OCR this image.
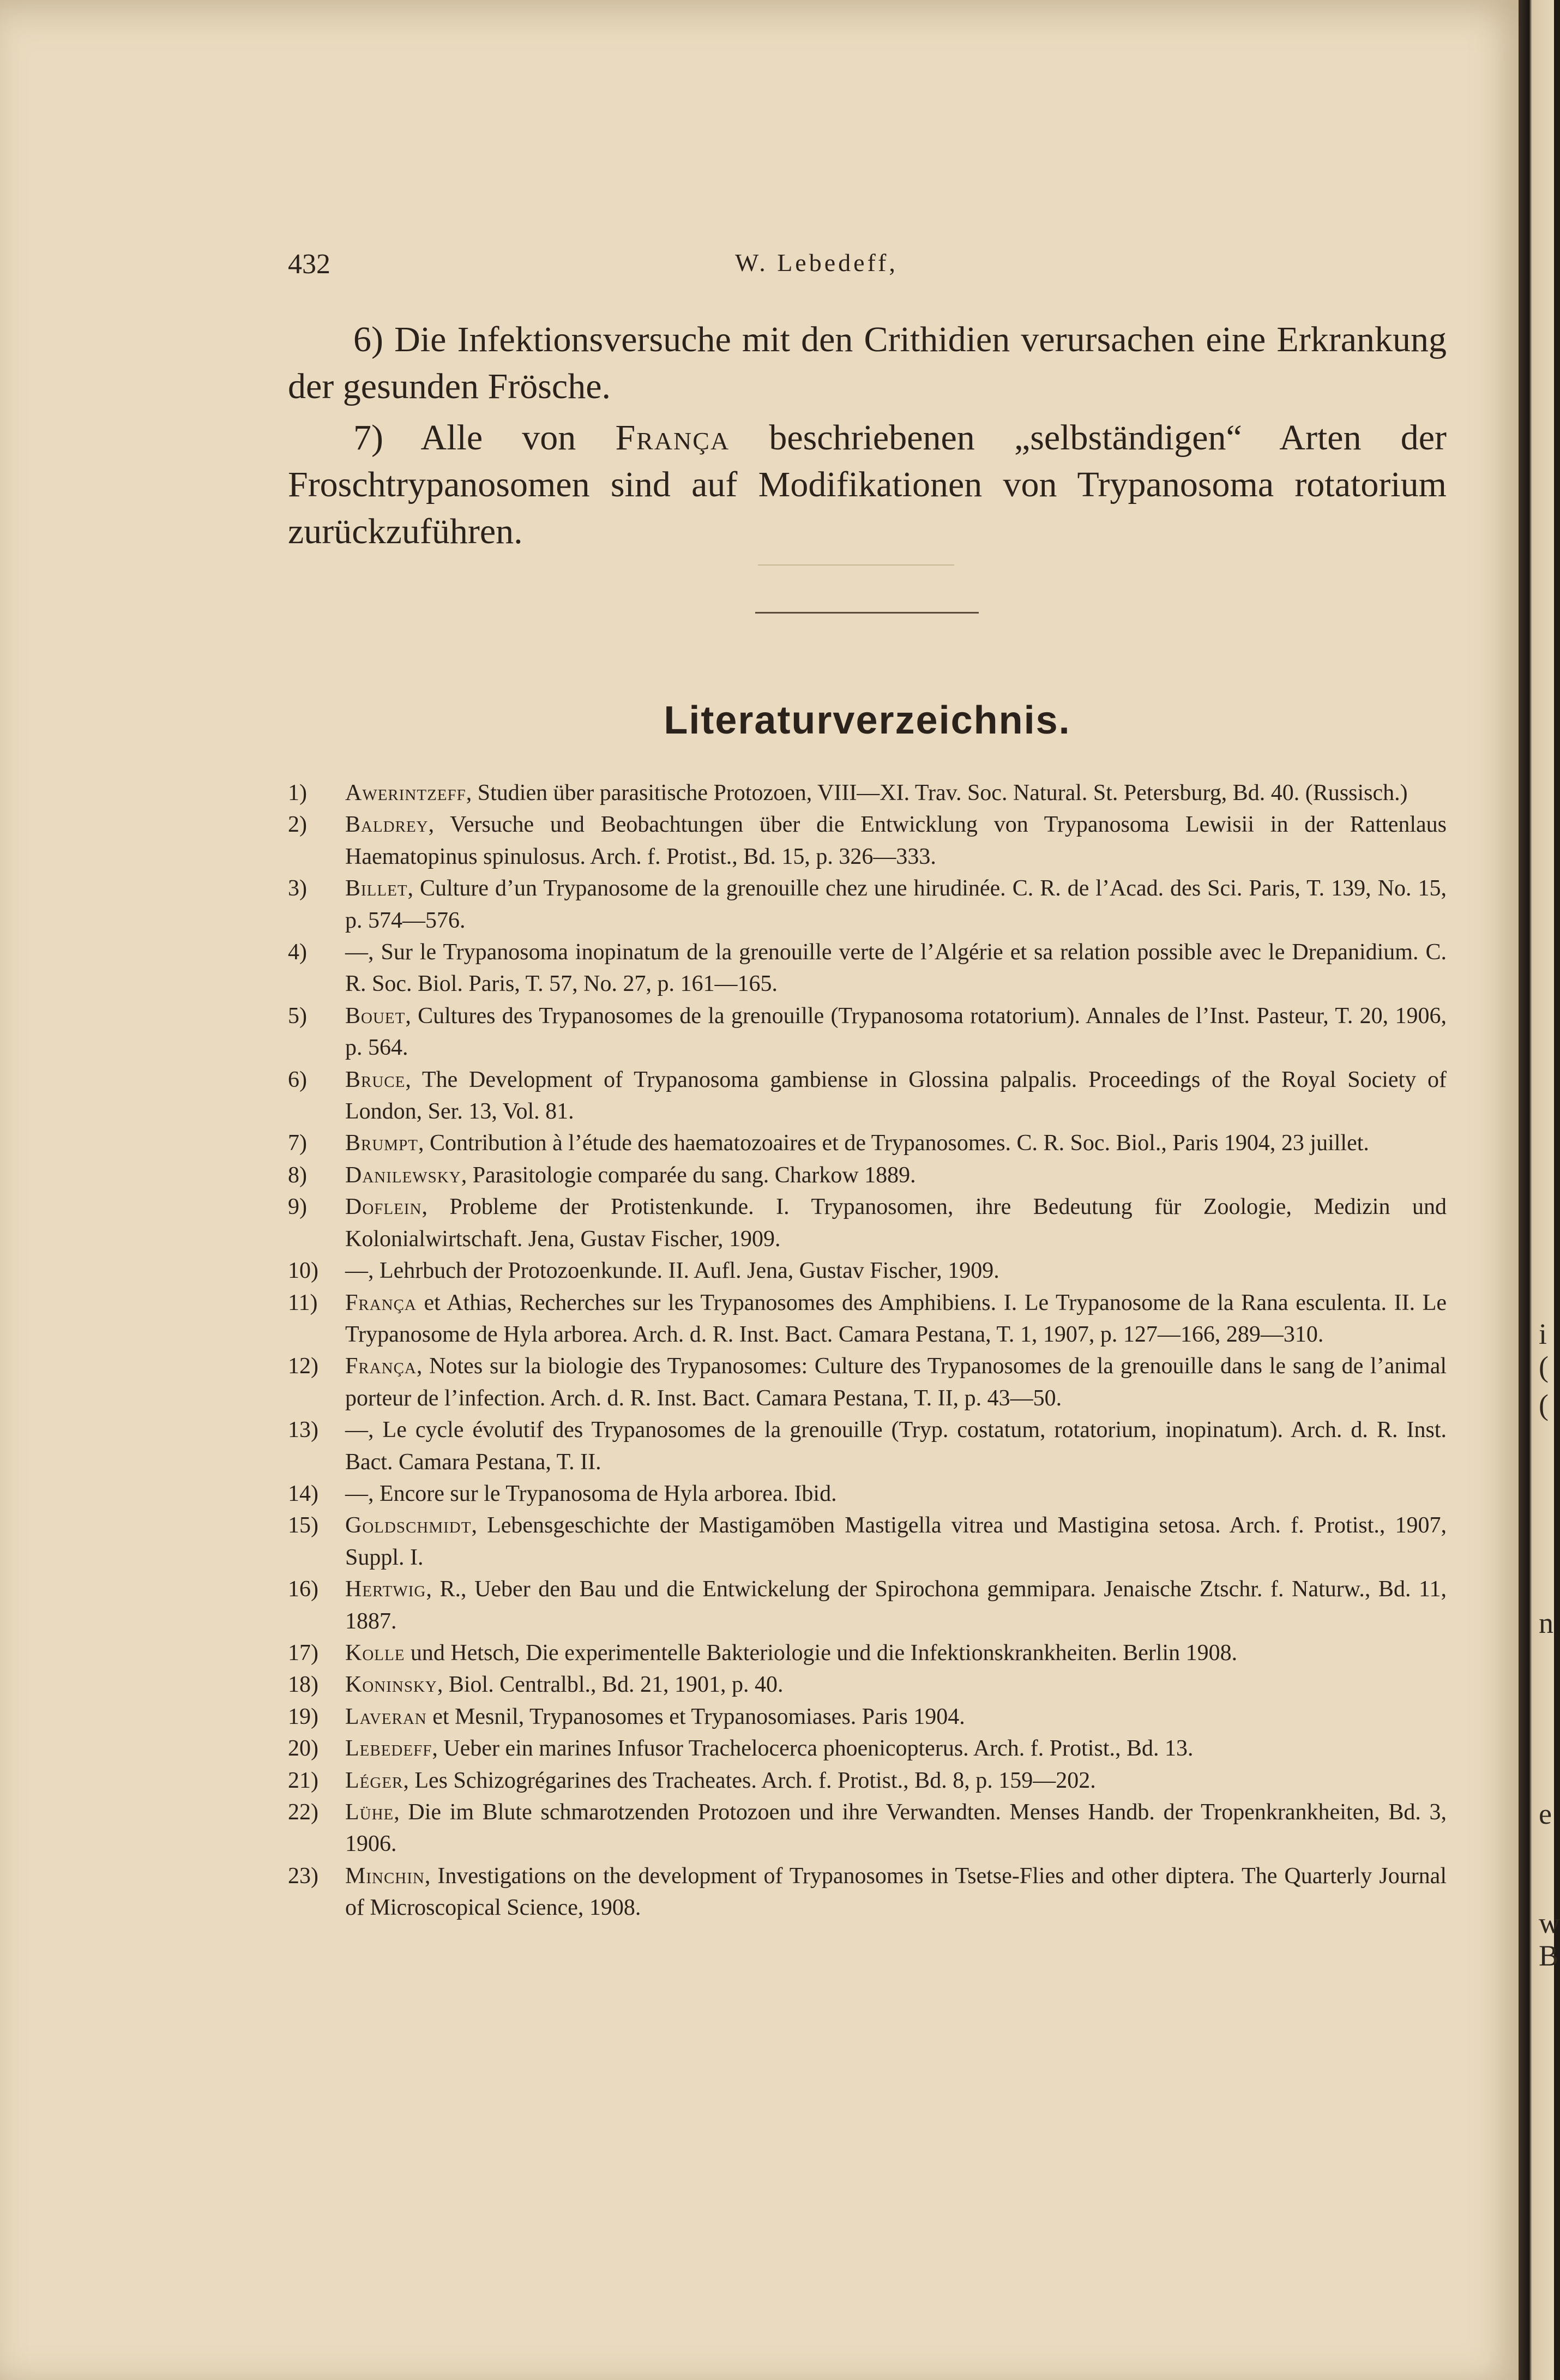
432	W. Lebedeff,
6) Die Infektionsversuche mit den Crithidien verursachen eine Erkrankung der gesunden Frösche.
7) Alle von França beschriebenen „selbständigen“ Arten der Froschtrypanosomen sind auf Modifikationen von Trypanosoma rotatorium zurückzuführen.
Literaturverzeichnis.
1)	Awerintzeff, Studien über parasitische Protozoen, VIII—XI. Trav. Soc. Natural. St. Petersburg, Bd. 40. (Russisch.)
2)	Baldrey, Versuche und Beobachtungen über die Entwicklung von Trypanosoma Lewisii in der Rattenlaus Haematopinus spinulosus. Arch. f. Protist., Bd. 15, p. 326—333.
3)	Billet, Culture d’un Trypanosome de la grenouille chez une hirudinée. C. R. de l’Acad. des Sci. Paris, T. 139, No. 15, p. 574—576.
4)	—, Sur le Trypanosoma inopinatum de la grenouille verte de l’Algérie et sa relation possible avec le Drepanidium. C. R. Soc. Biol. Paris, T. 57, No. 27, p. 161—165.
5)	Bouet, Cultures des Trypanosomes de la grenouille (Trypanosoma rotatorium). Annales de l’Inst. Pasteur, T. 20, 1906, p. 564.
6)	Bruce, The Development of Trypanosoma gambiense in Glossina palpalis. Proceedings of the Royal Society of London, Ser. 13, Vol. 81.
7)	Brumpt, Contribution à l’étude des haematozoaires et de Trypanosomes. C. R. Soc. Biol., Paris 1904, 23 juillet.
8)	Danilewsky, Parasitologie comparée du sang. Charkow 1889.
9)	Doflein, Probleme der Protistenkunde. I. Trypanosomen, ihre Bedeutung für Zoologie, Medizin und Kolonialwirtschaft. Jena, Gustav Fischer, 1909.
10)	—, Lehrbuch der Protozoenkunde. II. Aufl. Jena, Gustav Fischer, 1909.
11)	França et Athias, Recherches sur les Trypanosomes des Amphibiens. I. Le Trypanosome de la Rana esculenta. II. Le Trypanosome de Hyla arborea. Arch. d. R. Inst. Bact. Camara Pestana, T. 1, 1907, p. 127—166, 289—310.
12)	França, Notes sur la biologie des Trypanosomes: Culture des Trypanosomes de la grenouille dans le sang de l’animal porteur de l’infection. Arch. d. R. Inst. Bact. Camara Pestana, T. II, p. 43—50.
13)	—, Le cycle évolutif des Trypanosomes de la grenouille (Tryp. costatum, rotatorium, inopinatum). Arch. d. R. Inst. Bact. Camara Pestana, T. II.
14)	—, Encore sur le Trypanosoma de Hyla arborea. Ibid.
15)	Goldschmidt, Lebensgeschichte der Mastigamöben Mastigella vitrea und Mastigina setosa. Arch. f. Protist., 1907, Suppl. I.
16)	Hertwig, R., Ueber den Bau und die Entwickelung der Spirochona gemmipara. Jenaische Ztschr. f. Naturw., Bd. 11, 1887.
17)	Kolle und Hetsch, Die experimentelle Bakteriologie und die Infektionskrankheiten. Berlin 1908.
18)	Koninsky, Biol. Centralbl., Bd. 21, 1901, p. 40.
19)	Laveran et Mesnil, Trypanosomes et Trypanosomiases. Paris 1904.
20)	Lebedeff, Ueber ein marines Infusor Trachelocerca phoenicopterus. Arch. f. Protist., Bd. 13.
21)	Léger, Les Schizogrégarines des Tracheates. Arch. f. Protist., Bd. 8, p. 159—202.
22)	Lühe, Die im Blute schmarotzenden Protozoen und ihre Verwandten. Menses Handb. der Tropenkrankheiten, Bd. 3, 1906.
23)	Minchin, Investigations on the development of Trypanosomes in Tsetse-Flies and other diptera. The Quarterly Journal of Microscopical Science, 1908.
i
(
(
n
e
w
B
